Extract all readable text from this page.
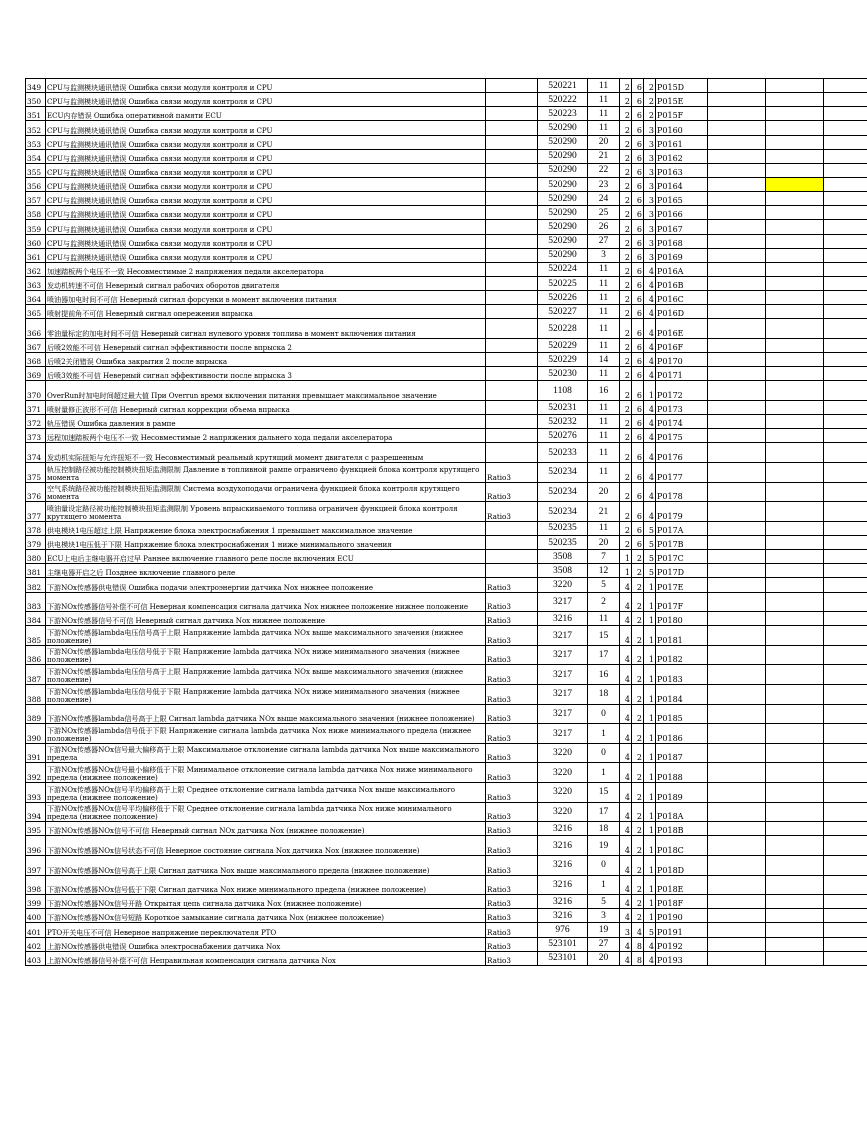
349	CPU与监测模块通讯错误 Ошибка связи модуля контроля и CPU		520221	11	2	6	2	P015D			
350	CPU与监测模块通讯错误 Ошибка связи модуля контроля и CPU		520222	11	2	6	2	P015E			
351	ECU内存错误 Ошибка оперативной памяти ECU		520223	11	2	6	2	P015F			
352	CPU与监测模块通讯错误 Ошибка связи модуля контроля и CPU		520290	11	2	6	3	P0160			
353	CPU与监测模块通讯错误 Ошибка связи модуля контроля и CPU		520290	20	2	6	3	P0161			
354	CPU与监测模块通讯错误 Ошибка связи модуля контроля и CPU		520290	21	2	6	3	P0162			
355	CPU与监测模块通讯错误 Ошибка связи модуля контроля и CPU		520290	22	2	6	3	P0163			
356	CPU与监测模块通讯错误 Ошибка связи модуля контроля и CPU		520290	23	2	6	3	P0164			
357	CPU与监测模块通讯错误 Ошибка связи модуля контроля и CPU		520290	24	2	6	3	P0165			
358	CPU与监测模块通讯错误 Ошибка связи модуля контроля и CPU		520290	25	2	6	3	P0166			
359	CPU与监测模块通讯错误 Ошибка связи модуля контроля и CPU		520290	26	2	6	3	P0167			
360	CPU与监测模块通讯错误 Ошибка связи модуля контроля и CPU		520290	27	2	6	3	P0168			
361	CPU与监测模块通讯错误 Ошибка связи модуля контроля и CPU		520290	3	2	6	3	P0169			
362	加速踏板两个电压不一致 Несовместимые 2 напряжения педали акселератора		520224	11	2	6	4	P016A			
363	发动机转速不可信 Неверный сигнал рабочих оборотов двигателя		520225	11	2	6	4	P016B			
364	喷油器加电时间不可信 Неверный сигнал форсунки в момент включения питания		520226	11	2	6	4	P016C			
365	喷射提前角不可信 Неверный сигнал опережения впрыска		520227	11	2	6	4	P016D			
366	零油量标定的加电时间不可信 Неверный сигнал нулевого уровня топлива в момент включения питания		520228	11	2	6	4	P016E			
367	后喷2效能不可信 Неверный сигнал эффективности после впрыска 2		520229	11	2	6	4	P016F			
368	后喷2关闭错误 Ошибка закрытия 2 после впрыска		520229	14	2	6	4	P0170			
369	后喷3效能不可信 Неверный сигнал эффективности после впрыска 3		520230	11	2	6	4	P0171			
370	OverRun时加电时间超过最大值 При Overrun время включения питания превышает максимальное значение		1108	16	2	6	1	P0172			
371	喷射量修正波形不可信 Неверный сигнал коррекции объема впрыска		520231	11	2	6	4	P0173			
372	轨压错误 Ошибка давления в рампе		520232	11	2	6	4	P0174			
373	远程加速踏板两个电压不一致 Несовместимые 2 напряжения дальнего хода педали акселератора		520276	11	2	6	4	P0175			
374	发动机实际扭矩与允许扭矩不一致 Несовместимый реальный крутящий момент двигателя с разрешенным		520233	11	2	6	4	P0176			
375	轨压控制路径被功能控制模块扭矩监测限制 Давление в топливной рампе ограничено функцией блока контроля крутящего момента	Ratio3	520234	11	2	6	4	P0177			
376	空气系统路径被功能控制模块扭矩监测限制 Система воздухоподачи ограничена функцией блока контроля крутящего момента	Ratio3	520234	20	2	6	4	P0178			
377	喷油量设定路径被功能控制模块扭矩监测限制 Уровень впрыскиваемого топлива ограничен функцией блока контроля крутящего момента	Ratio3	520234	21	2	6	4	P0179			
378	供电模块1电压超过上限 Напряжение блока электроснабжения 1 превышает максимальное значение		520235	11	2	6	5	P017A			
379	供电模块1电压低于下限 Напряжение блока электроснабжения 1 ниже минимального значения		520235	20	2	6	5	P017B			
380	ECU上电后主继电器开启过早 Раннее включение главного реле после включения ECU		3508	7	1	2	5	P017C			
381	主继电器开启之后 Позднее включение главного реле		3508	12	1	2	5	P017D			
382	下游NOx传感器供电错误 Ошибка подачи электроэнергии датчика Nox нижнее положение	Ratio3	3220	5	4	2	1	P017E			
383	下游NOx传感器信号补偿不可信 Неверная компенсация сигнала датчика Nox нижнее положение нижнее положение	Ratio3	3217	2	4	2	1	P017F			
384	下游NOx传感器信号不可信 Неверный сигнал датчика Nox нижнее положение	Ratio3	3216	11	4	2	1	P0180			
385	下游NOx传感器lambda电压信号高于上限 Напряжение lambda датчика NOx выше максимального значения (нижнее положение)	Ratio3	3217	15	4	2	1	P0181			
386	下游NOx传感器lambda电压信号低于下限 Напряжение lambda датчика NOx ниже минимального значения (нижнее положение)	Ratio3	3217	17	4	2	1	P0182			
387	下游NOx传感器lambda电压信号高于上限 Напряжение lambda датчика NOx выше максимального значения (нижнее положение)	Ratio3	3217	16	4	2	1	P0183			
388	下游NOx传感器lambda电压信号低于下限 Напряжение lambda датчика NOx ниже минимального значения (нижнее положение)	Ratio3	3217	18	4	2	1	P0184			
389	下游NOx传感器lambda信号高于上限 Сигнал lambda датчика NOx выше максимального значения (нижнее положение)	Ratio3	3217	0	4	2	1	P0185			
390	下游NOx传感器lambda信号低于下限 Напряжение сигнала lambda датчика Nox ниже минимального предела (нижнее положение)	Ratio3	3217	1	4	2	1	P0186			
391	下游NOx传感器NOx信号最大偏移高于上限 Максимальное отклонение сигнала lambda датчика Nox выше максимального предела	Ratio3	3220	0	4	2	1	P0187			
392	下游NOx传感器NOx信号最小偏移低于下限 Минимальное отклонение сигнала lambda датчика Nox ниже минимального предела (нижнее положение)	Ratio3	3220	1	4	2	1	P0188			
393	下游NOx传感器NOx信号平均偏移高于上限 Среднее отклонение сигнала lambda датчика Nox выше максимального предела (нижнее положение)	Ratio3	3220	15	4	2	1	P0189			
394	下游NOx传感器NOx信号平均偏移低于下限 Среднее отклонение сигнала lambda датчика Nox ниже минимального предела (нижнее положение)	Ratio3	3220	17	4	2	1	P018A			
395	下游NOx传感器NOx信号不可信 Неверный сигнал NOx датчика Nox (нижнее положение)	Ratio3	3216	18	4	2	1	P018B			
396	下游NOx传感器NOx信号状态不可信 Неверное состояние сигнала Nox датчика Nox (нижнее положение)	Ratio3	3216	19	4	2	1	P018C			
397	下游NOx传感器NOx信号高于上限 Сигнал датчика Nox выше максимального предела (нижнее положение)	Ratio3	3216	0	4	2	1	P018D			
398	下游NOx传感器NOx信号低于下限 Сигнал датчика Nox ниже минимального предела (нижнее положение)	Ratio3	3216	1	4	2	1	P018E			
399	下游NOx传感器NOx信号开路 Открытая цепь сигнала датчика Nox (нижнее положение)	Ratio3	3216	5	4	2	1	P018F			
400	下游NOx传感器NOx信号短路 Короткое замыкание сигнала датчика Nox (нижнее положение)	Ratio3	3216	3	4	2	1	P0190			
401	PTO开关电压不可信 Неверное напряжение переключателя PTO	Ratio3	976	19	3	4	5	P0191			
402	上游NOx传感器供电错误 Ошибка электроснабжения датчика Nox	Ratio3	523101	27	4	8	4	P0192			
403	上游NOx传感器信号补偿不可信 Неправильная компенсация сигнала датчика Nox	Ratio3	523101	20	4	8	4	P0193			
